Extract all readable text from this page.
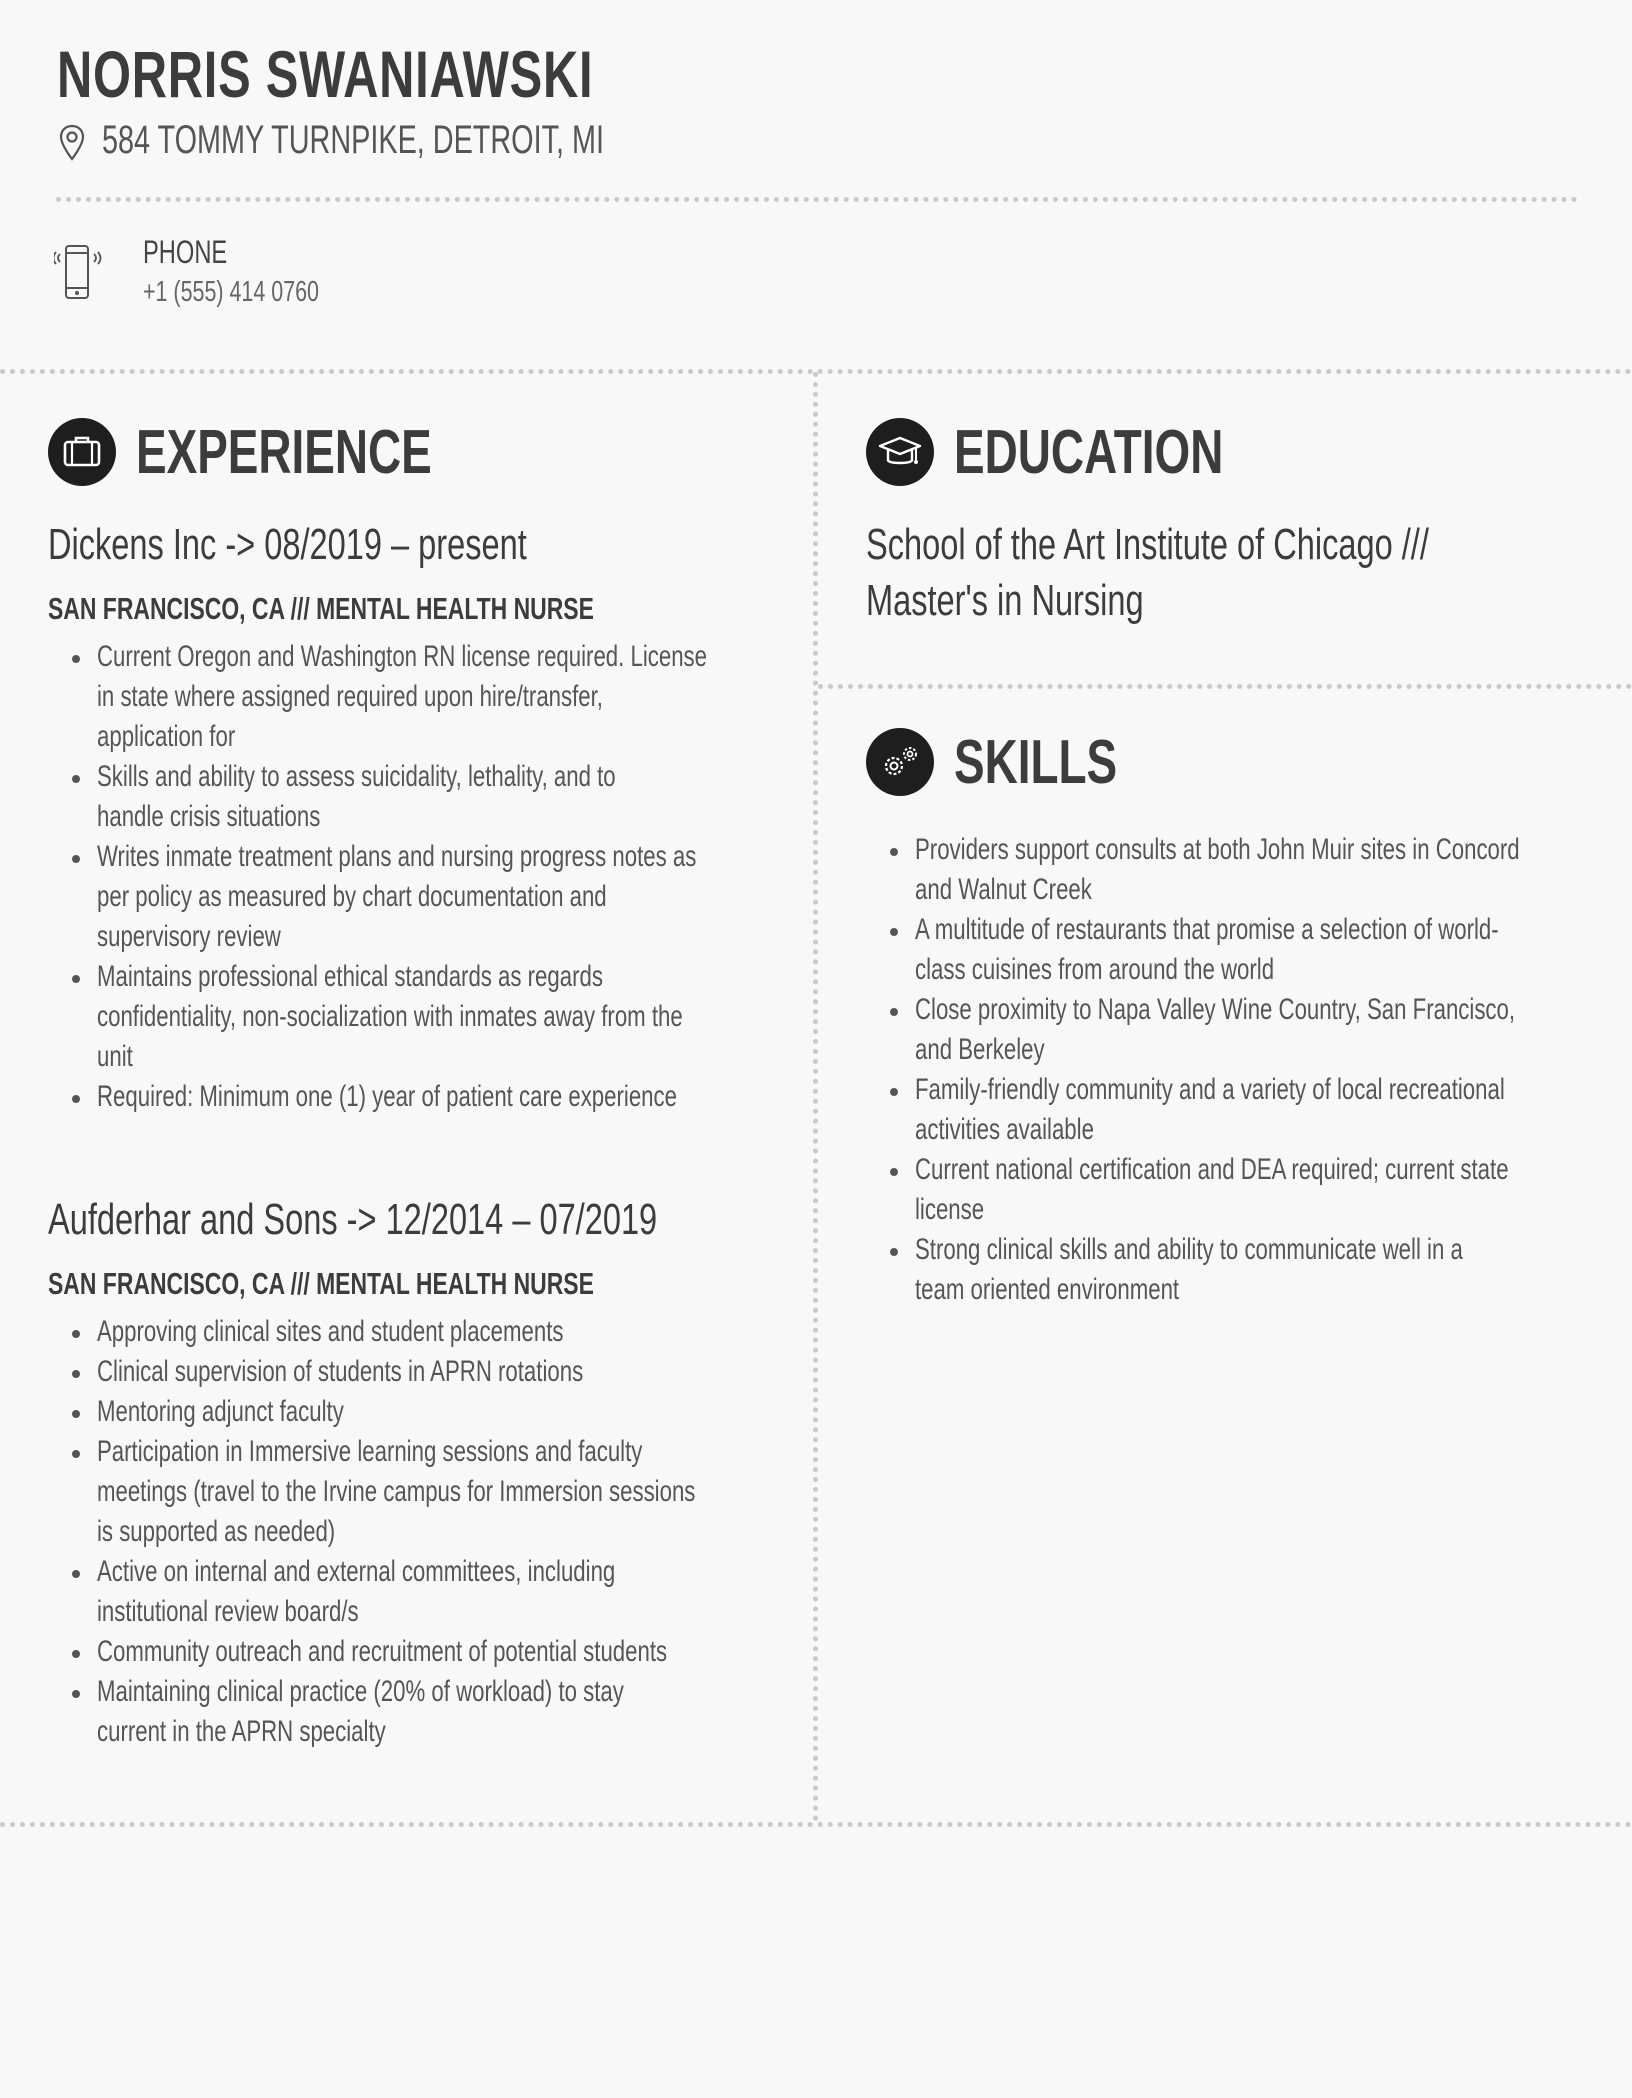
NORRIS SWANIAWSKI
584 TOMMY TURNPIKE, DETROIT, MI
PHONE
+1 (555) 414 0760
EXPERIENCE
Dickens Inc -> 08/2019 – present
SAN FRANCISCO, CA /// MENTAL HEALTH NURSE
Current Oregon and Washington RN license required. License
in state where assigned required upon hire/transfer,
application for
Skills and ability to assess suicidality, lethality, and to
handle crisis situations
Writes inmate treatment plans and nursing progress notes as
per policy as measured by chart documentation and
supervisory review
Maintains professional ethical standards as regards
confidentiality, non-socialization with inmates away from the
unit
Required: Minimum one (1) year of patient care experience
Aufderhar and Sons -> 12/2014 – 07/2019
SAN FRANCISCO, CA /// MENTAL HEALTH NURSE
Approving clinical sites and student placements
Clinical supervision of students in APRN rotations
Mentoring adjunct faculty
Participation in Immersive learning sessions and faculty
meetings (travel to the Irvine campus for Immersion sessions
is supported as needed)
Active on internal and external committees, including
institutional review board/s
Community outreach and recruitment of potential students
Maintaining clinical practice (20% of workload) to stay
current in the APRN specialty
EDUCATION
School of the Art Institute of Chicago ///
Master's in Nursing
SKILLS
Providers support consults at both John Muir sites in Concord
and Walnut Creek
A multitude of restaurants that promise a selection of world-
class cuisines from around the world
Close proximity to Napa Valley Wine Country, San Francisco,
and Berkeley
Family-friendly community and a variety of local recreational
activities available
Current national certification and DEA required; current state
license
Strong clinical skills and ability to communicate well in a
team oriented environment
